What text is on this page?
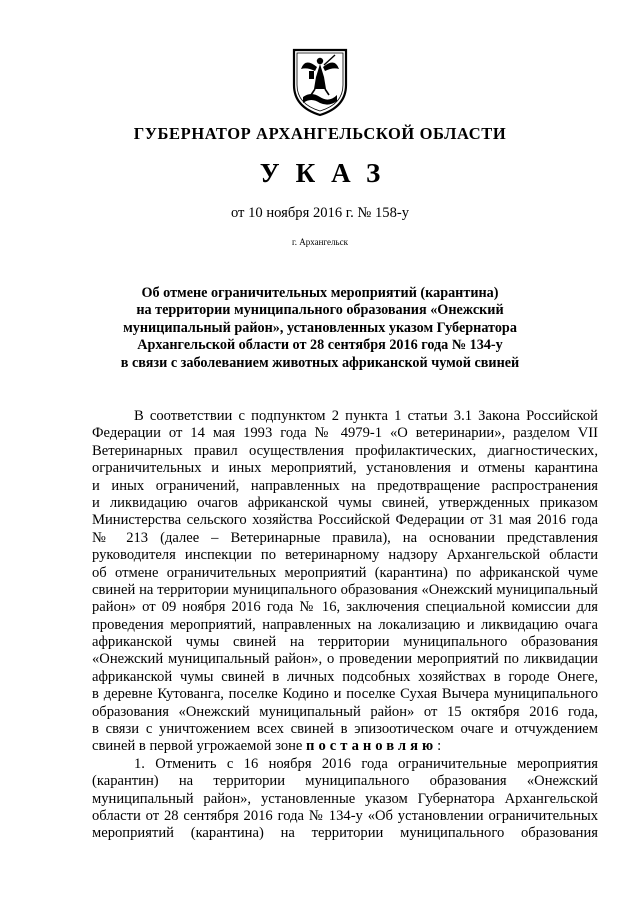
ГУБЕРНАТОР АРХАНГЕЛЬСКОЙ ОБЛАСТИ
УКАЗ
от 10 ноября 2016 г. № 158-у
г. Архангельск
Об отмене ограничительных мероприятий (карантина)
на территории муниципального образования «Онежский
муниципальный район», установленных указом Губернатора
Архангельской области от 28 сентября 2016 года № 134-у
в связи с заболеванием животных африканской чумой свиней
В соответствии с подпунктом 2 пункта 1 статьи 3.1 Закона Российской
Федерации от 14 мая 1993 года № 4979-1 «О ветеринарии», разделом VII
Ветеринарных правил осуществления профилактических, диагностических,
ограничительных и иных мероприятий, установления и отмены карантина
и иных ограничений, направленных на предотвращение распространения
и ликвидацию очагов африканской чумы свиней, утвержденных приказом
Министерства сельского хозяйства Российской Федерации от 31 мая 2016 года
№ 213 (далее – Ветеринарные правила), на основании представления
руководителя инспекции по ветеринарному надзору Архангельской области
об отмене ограничительных мероприятий (карантина) по африканской чуме
свиней на территории муниципального образования «Онежский муниципальный
район» от 09 ноября 2016 года № 16, заключения специальной комиссии для
проведения мероприятий, направленных на локализацию и ликвидацию очага
африканской чумы свиней на территории муниципального образования
«Онежский муниципальный район», о проведении мероприятий по ликвидации
африканской чумы свиней в личных подсобных хозяйствах в городе Онеге,
в деревне Кутованга, поселке Кодино и поселке Сухая Вычера муниципального
образования «Онежский муниципальный район» от 15 октября 2016 года,
в связи с уничтожением всех свиней в эпизоотическом очаге и отчуждением
свиней в первой угрожаемой зоне постановляю:
1. Отменить с 16 ноября 2016 года ограничительные мероприятия
(карантин) на территории муниципального образования «Онежский
муниципальный район», установленные указом Губернатора Архангельской
области от 28 сентября 2016 года № 134-у «Об установлении ограничительных
мероприятий (карантина) на территории муниципального образования
